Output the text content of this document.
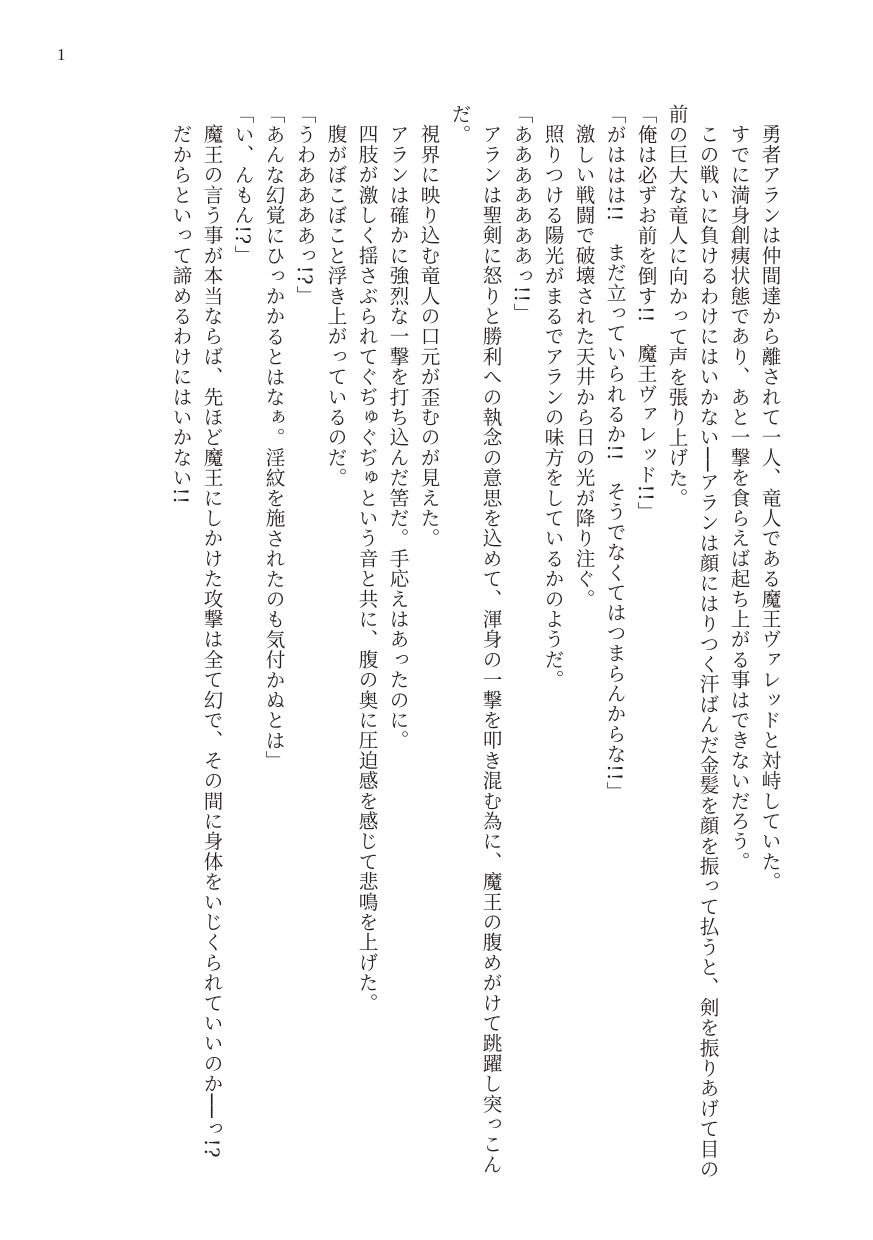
1

勇者アランは仲間達から離されて一人、竜人である魔王ヴァレッドと対峙していた。

すでに満身創痍状態であり、あと一撃を食らえば起ち上がる事はできないだろう。

この戦いに負けるわけにはいかない──アランは顔にはりつく汗ばんだ金髪を顔を振って払うと、剣を振りあげて目の前の巨大な竜人に向かって声を張り上げた。

「俺は必ずお前を倒す!!　魔王ヴァレッド!!」

「がははは!!　まだ立っていられるか!!　そうでなくてはつまらんからな!!」

激しい戦闘で破壊された天井から日の光が降り注ぐ。

照りつける陽光がまるでアランの味方をしているかのようだ。

「あああああああっ!!」

アランは聖剣に怒りと勝利への執念の意思を込めて、渾身の一撃を叩き混む為に、魔王の腹めがけて跳躍し突っこんだ。

視界に映り込む竜人の口元が歪むのが見えた。

アランは確かに強烈な一撃を打ち込んだ筈だ。手応えはあったのに。

四肢が激しく揺さぶられてぐぢゅぐぢゅという音と共に、腹の奥に圧迫感を感じて悲鳴を上げた。

腹がぼこぼこと浮き上がっているのだ。

「うわああああっ!?」

「あんな幻覚にひっかかるとはなぁ。淫紋を施されたのも気付かぬとは」

「い、んもん!?」

魔王の言う事が本当ならば、先ほど魔王にしかけた攻撃は全て幻で、その間に身体をいじくられていいのか──っ!?

だからといって諦めるわけにはいかない!!
